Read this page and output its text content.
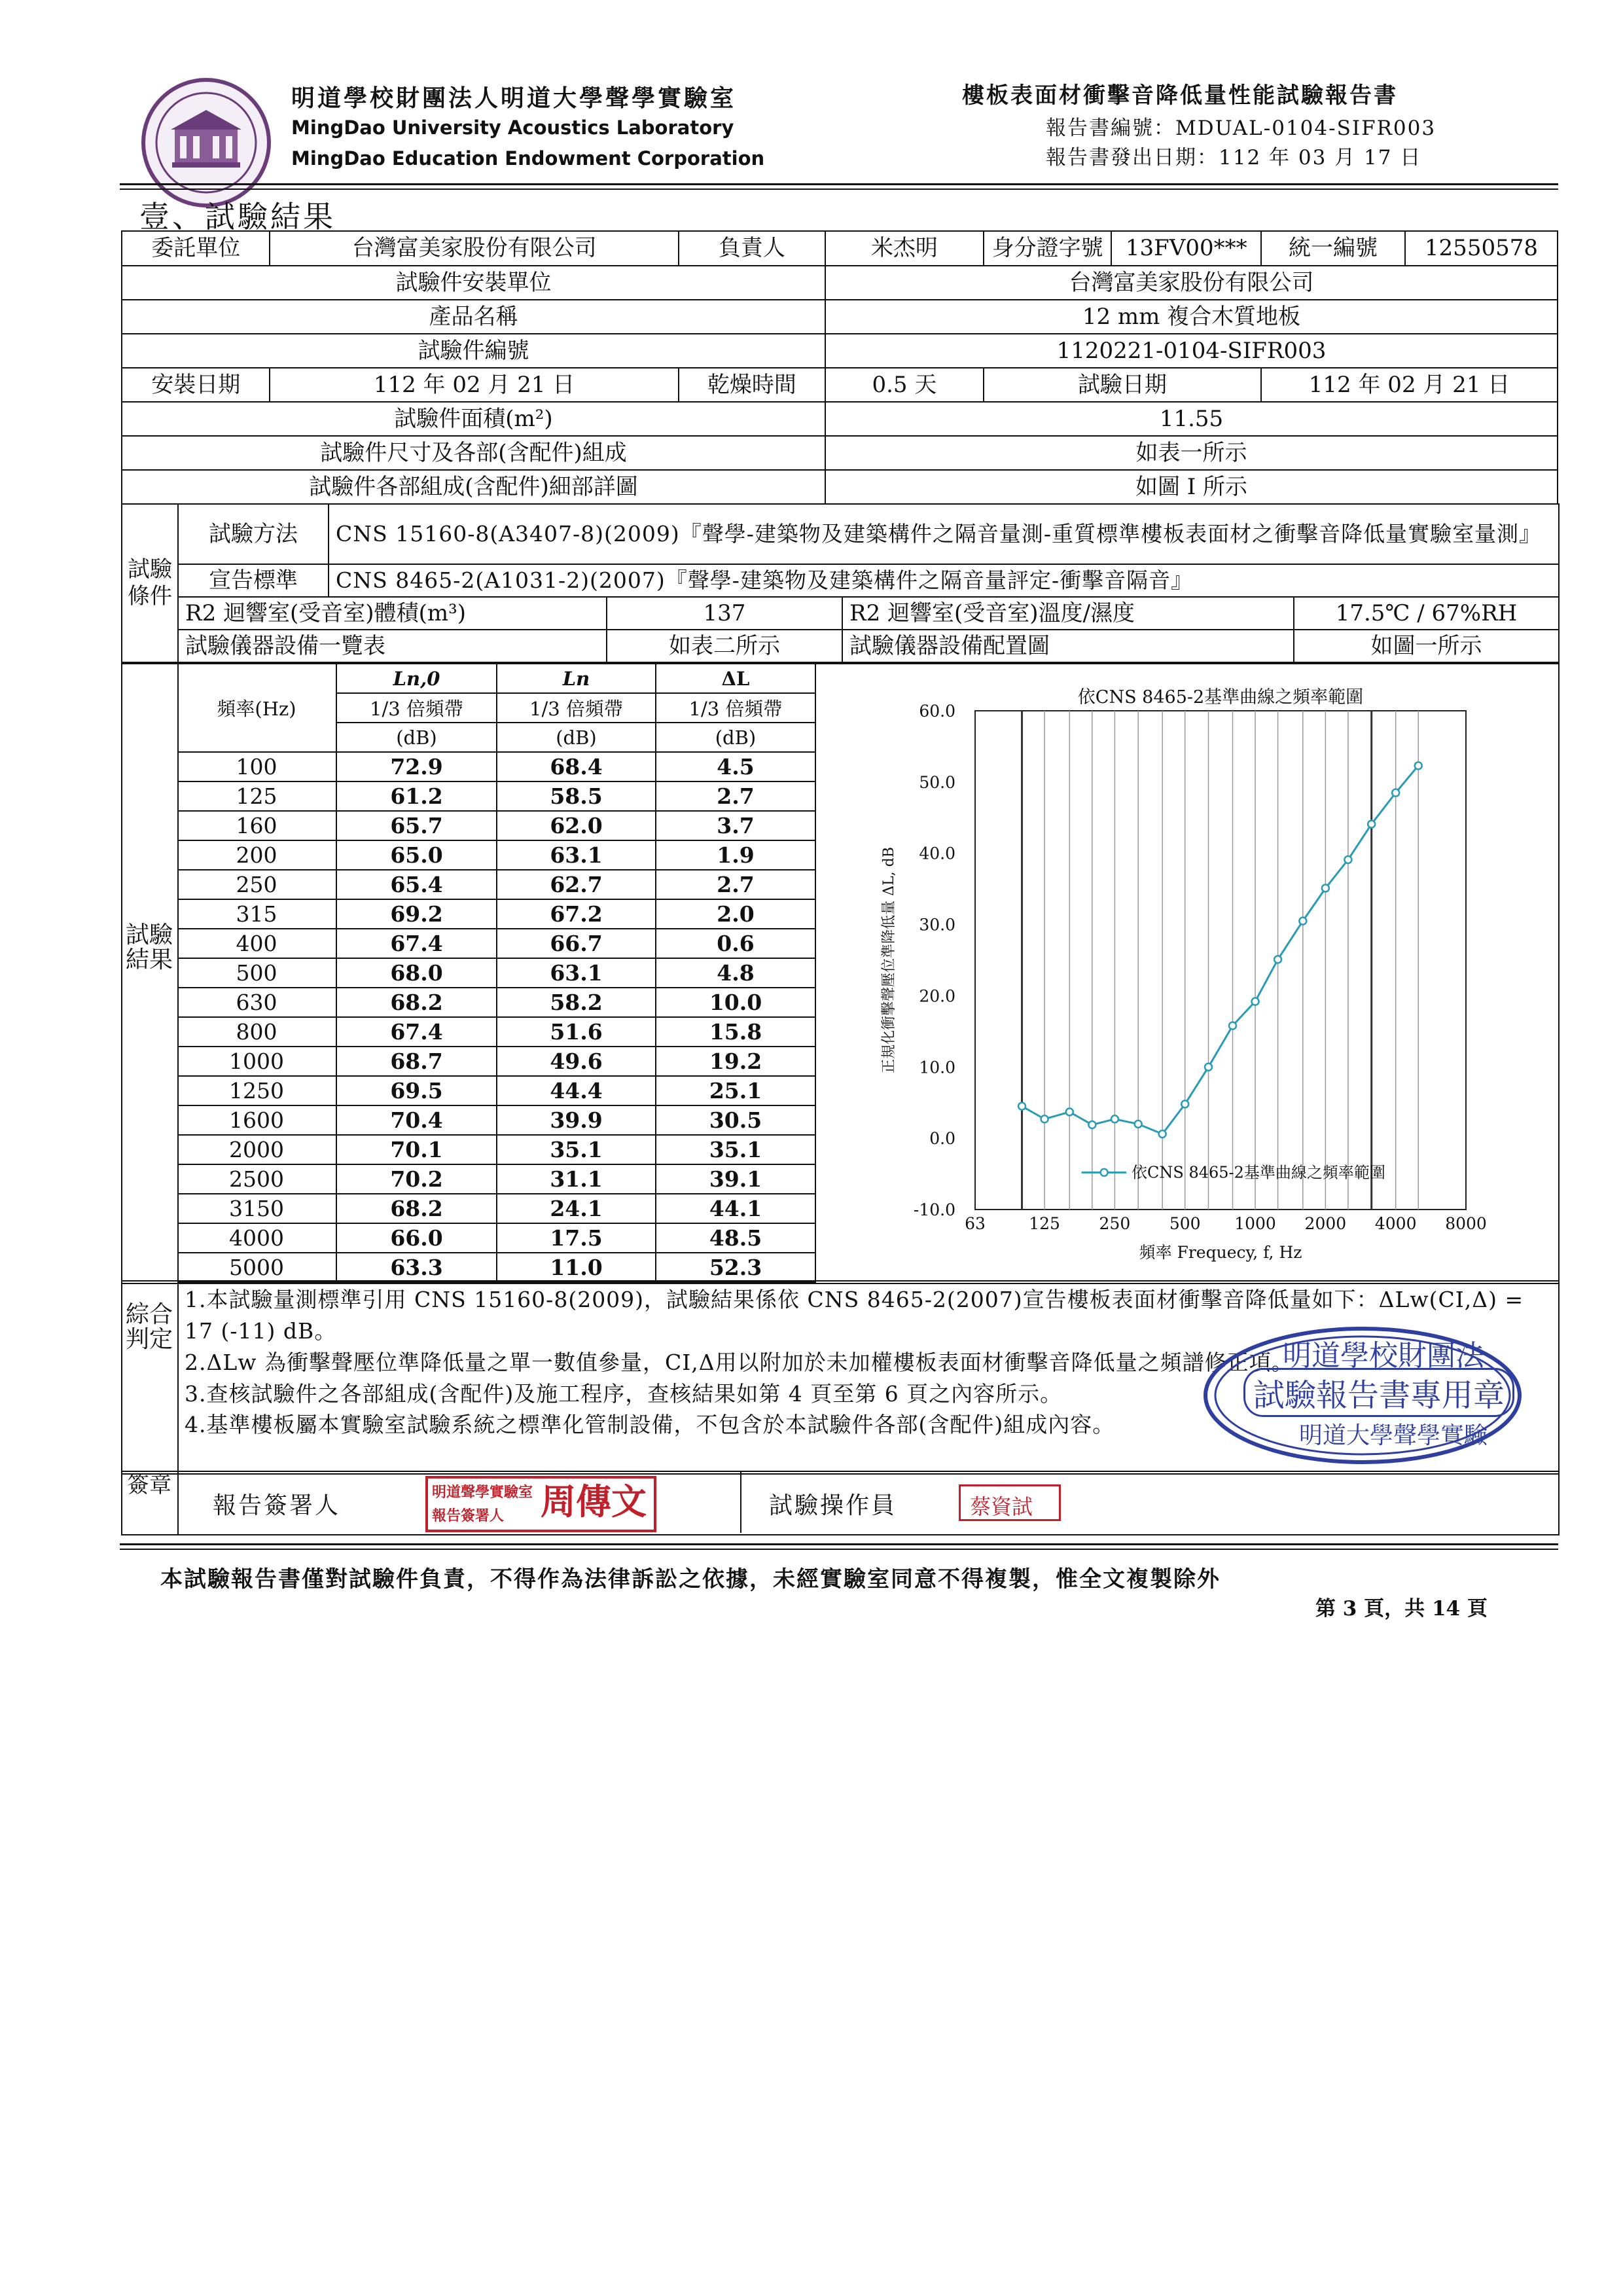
明道學校財團法人明道大學聲學實驗室
MingDao University Acoustics Laboratory
MingDao Education Endowment Corporation
樓板表面材衝擊音降低量性能試驗報告書
報告書編號：MDUAL-0104-SIFR003
報告書發出日期：112 年 03 月 17 日
壹、試驗結果
委託單位	台灣富美家股份有限公司	負責人	米杰明	身分證字號	13FV00***	統一編號	12550578
試驗件安裝單位			台灣富美家股份有限公司				
產品名稱			12 mm 複合木質地板				
試驗件編號			1120221-0104-SIFR003				
安裝日期	112 年 02 月 21 日	乾燥時間	0.5 天	試驗日期		112 年 02 月 21 日	
試驗件面積(m²)			11.55				
試驗件尺寸及各部(含配件)組成			如表一所示				
試驗件各部組成(含配件)細部詳圖			如圖 I 所示				
試驗條件	試驗方法	CNS 15160-8(A3407-8)(2009)『聲學-建築物及建築構件之隔音量測-重質標準樓板表面材之衝擊音降低量實驗室量測』			
	宣告標準	CNS 8465-2(A1031-2)(2007)『聲學-建築物及建築構件之隔音量評定-衝擊音隔音』			
	R2 迴響室(受音室)體積(m³)		137	R2 迴響室(受音室)溫度/濕度	17.5℃ / 67%RH
	試驗儀器設備一覽表		如表二所示	試驗儀器設備配置圖	如圖一所示
試驗結果
頻率(Hz)	Ln,0	Ln	ΔL
	1/3 倍頻帶	1/3 倍頻帶	1/3 倍頻帶
	(dB)	(dB)	(dB)
100	72.9	68.4	4.5
125	61.2	58.5	2.7
160	65.7	62.0	3.7
200	65.0	63.1	1.9
250	65.4	62.7	2.7
315	69.2	67.2	2.0
400	67.4	66.7	0.6
500	68.0	63.1	4.8
630	68.2	58.2	10.0
800	67.4	51.6	15.8
1000	68.7	49.6	19.2
1250	69.5	44.4	25.1
1600	70.4	39.9	30.5
2000	70.1	35.1	35.1
2500	70.2	31.1	39.1
3150	68.2	24.1	44.1
4000	66.0	17.5	48.5
5000	63.3	11.0	52.3
60.0
50.0
40.0
30.0
20.0
10.0
0.0
-10.0
63	125 250 500 1000 2000 4000 8000
依CNS 8465-2基準曲線之頻率範圍
頻率 Frequecy, f, Hz
正規化衝擊聲壓位準降低量 ΔL, dB
依CNS 8465-2基準曲線之頻率範圍
綜合判定
1.本試驗量測標準引用 CNS 15160-8(2009)，試驗結果係依 CNS 8465-2(2007)宣告樓板表面材衝擊音降低量如下：ΔLw(CI,Δ) = 17 (-11) dB。
2.ΔLw 為衝擊聲壓位準降低量之單一數值參量，CI,Δ用以附加於未加權樓板表面材衝擊音降低量之頻譜修正項。
3.查核試驗件之各部組成(含配件)及施工程序，查核結果如第 4 頁至第 6 頁之內容所示。
4.基準樓板屬本實驗室試驗系統之標準化管制設備，不包含於本試驗件各部(含配件)組成內容。
簽章
報告簽署人	明道聲學實驗室
報告簽署人 周傳文	試驗操作員	蔡資試
明道學校財團法
試驗報告書專用章
明道大學聲學實驗
本試驗報告書僅對試驗件負責，不得作為法律訴訟之依據，未經實驗室同意不得複製，惟全文複製除外
第 3 頁，共 14 頁
